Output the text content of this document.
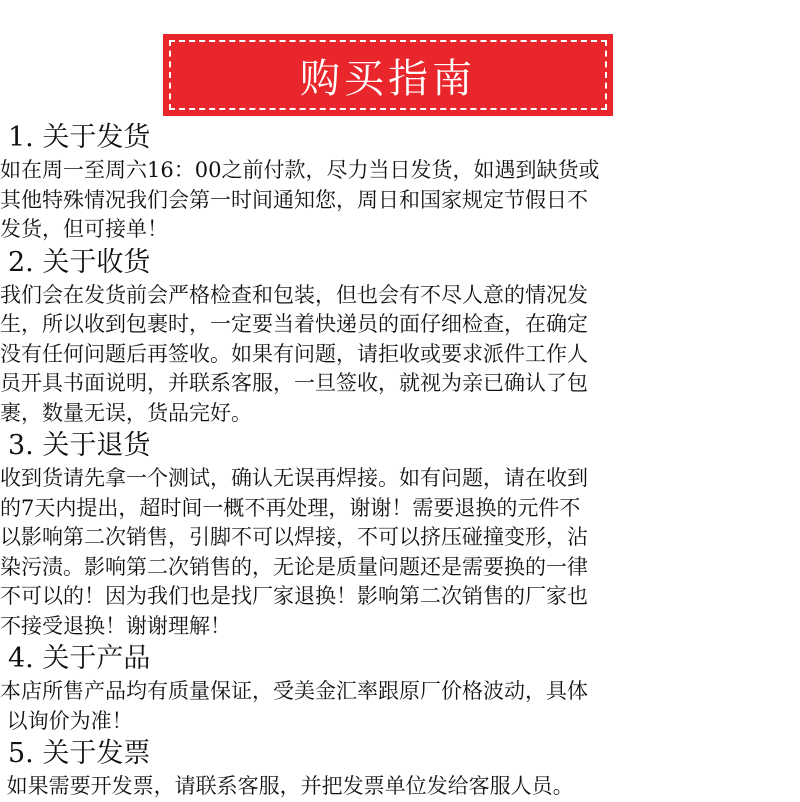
购买指南
1. 关于发货
如在周一至周六16：00之前付款，尽力当日发货，如遇到缺货或
其他特殊情况我们会第一时间通知您，周日和国家规定节假日不
发货，但可接单！
2. 关于收货
我们会在发货前会严格检查和包装，但也会有不尽人意的情况发
生，所以收到包裹时，一定要当着快递员的面仔细检查，在确定
没有任何问题后再签收。如果有问题，请拒收或要求派件工作人
员开具书面说明，并联系客服，一旦签收，就视为亲已确认了包
裹，数量无误，货品完好。
3. 关于退货
收到货请先拿一个测试，确认无误再焊接。如有问题，请在收到
的7天内提出，超时间一概不再处理，谢谢！需要退换的元件不
以影响第二次销售，引脚不可以焊接，不可以挤压碰撞变形，沾
染污渍。影响第二次销售的，无论是质量问题还是需要换的一律
不可以的！因为我们也是找厂家退换！影响第二次销售的厂家也
不接受退换！谢谢理解！
4. 关于产品
本店所售产品均有质量保证，受美金汇率跟原厂价格波动，具体
以询价为准！
5. 关于发票
如果需要开发票，请联系客服，并把发票单位发给客服人员。
